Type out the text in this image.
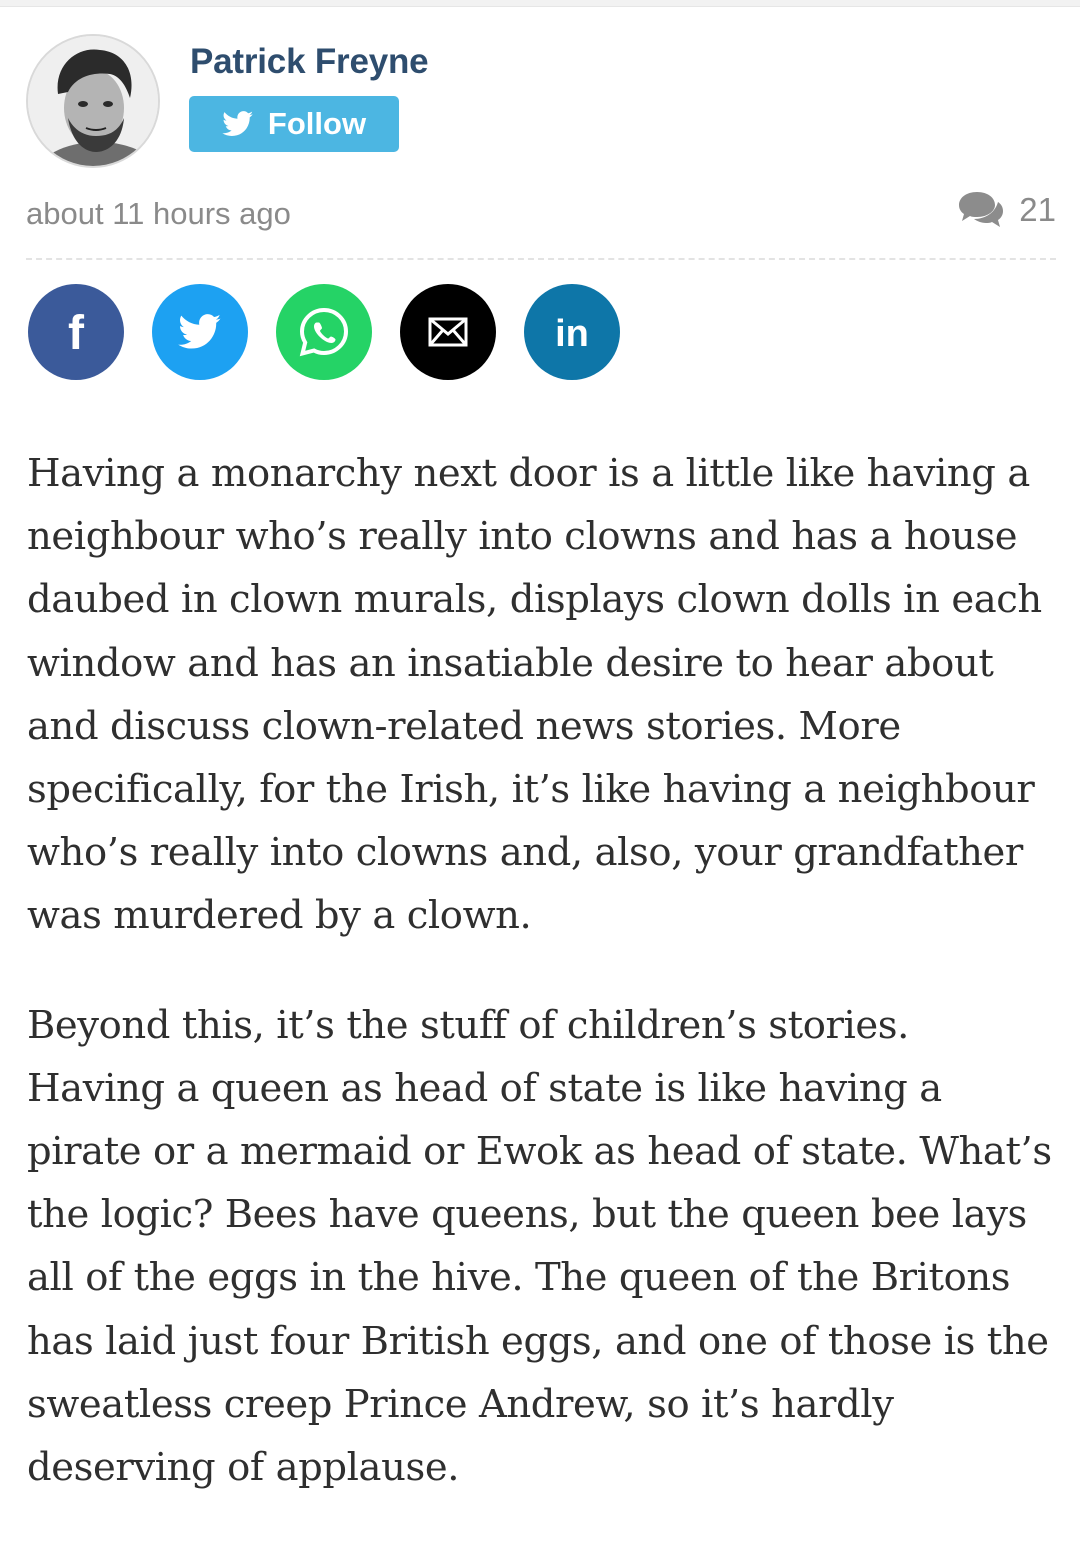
Patrick Freyne
Follow
about 11 hours ago	21
f	in

Having a monarchy next door is a little like having a neighbour who’s really into clowns and has a house daubed in clown murals, displays clown dolls in each window and has an insatiable desire to hear about and discuss clown-related news stories. More specifically, for the Irish, it’s like having a neighbour who’s really into clowns and, also, your grandfather was murdered by a clown.

Beyond this, it’s the stuff of children’s stories. Having a queen as head of state is like having a pirate or a mermaid or Ewok as head of state. What’s the logic? Bees have queens, but the queen bee lays all of the eggs in the hive. The queen of the Britons has laid just four British eggs, and one of those is the sweatless creep Prince Andrew, so it’s hardly deserving of applause.
